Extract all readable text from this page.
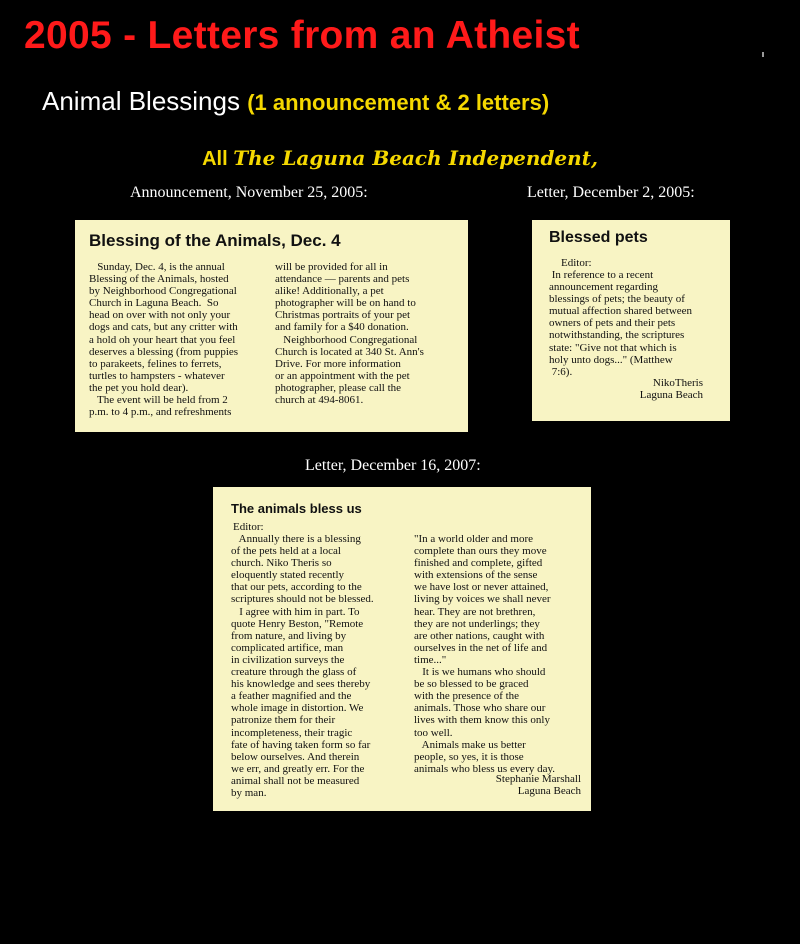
2005 - Letters from an Atheist
Animal Blessings (1 announcement & 2 letters)
All The Laguna Beach Independent,
Announcement, November 25, 2005:	Letter, December 2, 2005:
Letter, December 16, 2007:
Blessing of the Animals, Dec. 4
Sunday, Dec. 4, is the annual
Blessing of the Animals, hosted
by Neighborhood Congregational
Church in Laguna Beach.  So
head on over with not only your
dogs and cats, but any critter with
a hold oh your heart that you feel
deserves a blessing (from puppies
to parakeets, felines to ferrets,
turtles to hampsters - whatever
the pet you hold dear).
The event will be held from 2
p.m. to 4 p.m., and refreshments
will be provided for all in
attendance — parents and pets
alike! Additionally, a pet
photographer will be on hand to
Christmas portraits of your pet
and family for a $40 donation.
Neighborhood Congregational
Church is located at 340 St. Ann's
Drive. For more information
or an appointment with the pet
photographer, please call the
church at 494-8061.
Blessed pets
Editor:
In reference to a recent
announcement regarding
blessings of pets; the beauty of
mutual affection shared between
owners of pets and their pets
notwithstanding, the scriptures
state: "Give not that which is
holy unto dogs..." (Matthew
7:6).
NikoTheris
Laguna Beach
The animals bless us
Editor:
Annually there is a blessing
of the pets held at a local
church. Niko Theris so
eloquently stated recently
that our pets, according to the
scriptures should not be blessed.
I agree with him in part. To
quote Henry Beston, "Remote
from nature, and living by
complicated artifice, man
in civilization surveys the
creature through the glass of
his knowledge and sees thereby
a feather magnified and the
whole image in distortion. We
patronize them for their
incompleteness, their tragic
fate of having taken form so far
below ourselves. And therein
we err, and greatly err. For the
animal shall not be measured
by man.
"In a world older and more
complete than ours they move
finished and complete, gifted
with extensions of the sense
we have lost or never attained,
living by voices we shall never
hear. They are not brethren,
they are not underlings; they
are other nations, caught with
ourselves in the net of life and
time..."
It is we humans who should
be so blessed to be graced
with the presence of the
animals. Those who share our
lives with them know this only
too well.
Animals make us better
people, so yes, it is those
animals who bless us every day.
Stephanie Marshall
Laguna Beach
